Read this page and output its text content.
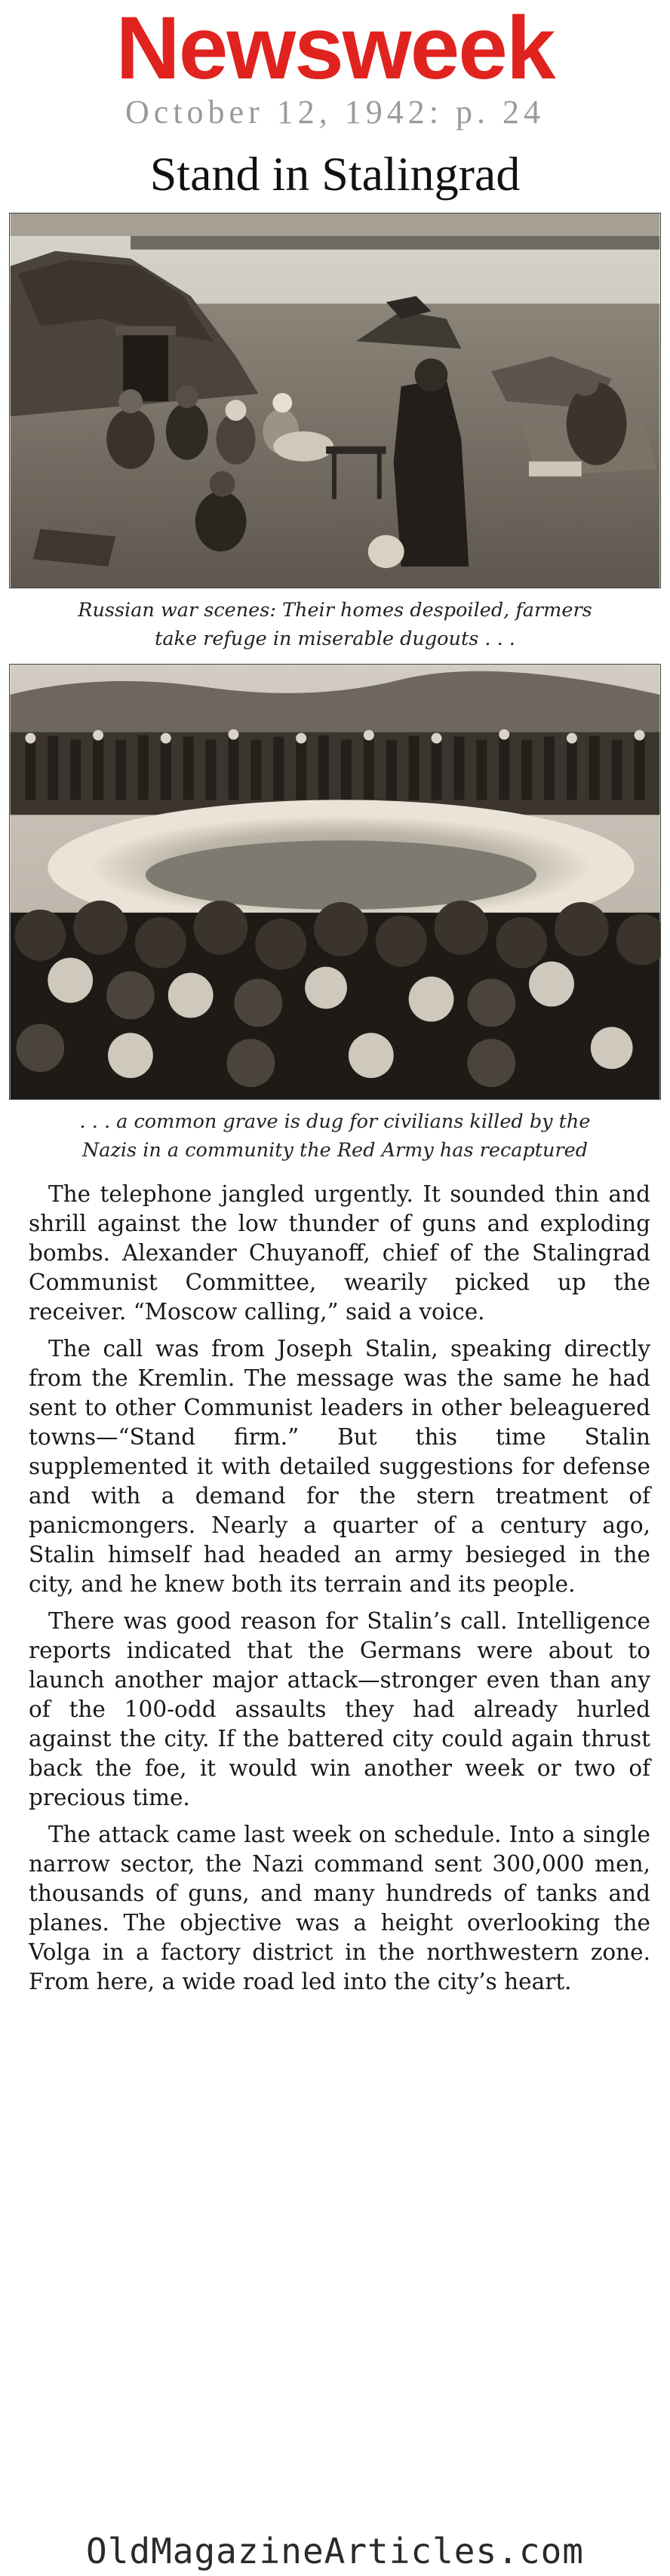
Newsweek
October 12, 1942: p. 24
Stand in Stalingrad
Russian war scenes: Their homes despoiled, farmers
take refuge in miserable dugouts . . .
. . . a common grave is dug for civilians killed by the
Nazis in a community the Red Army has recaptured

The telephone jangled urgently. It sounded thin and shrill against the low thunder of guns and exploding bombs. Alexander Chuyanoff, chief of the Stalingrad Communist Committee, wearily picked up the receiver. “Moscow calling,” said a voice.

The call was from Joseph Stalin, speaking directly from the Kremlin. The message was the same he had sent to other Communist leaders in other beleaguered towns—“Stand firm.” But this time Stalin supplemented it with detailed suggestions for defense and with a demand for the stern treatment of panicmongers. Nearly a quarter of a century ago, Stalin himself had headed an army besieged in the city, and he knew both its terrain and its people.

There was good reason for Stalin’s call. Intelligence reports indicated that the Germans were about to launch another major attack—stronger even than any of the 100-odd assaults they had already hurled against the city. If the battered city could again thrust back the foe, it would win another week or two of precious time.

The attack came last week on schedule. Into a single narrow sector, the Nazi command sent 300,000 men, thousands of guns, and many hundreds of tanks and planes. The objective was a height overlooking the Volga in a factory district in the northwestern zone. From here, a wide road led into the city’s heart.

OldMagazineArticles.com
